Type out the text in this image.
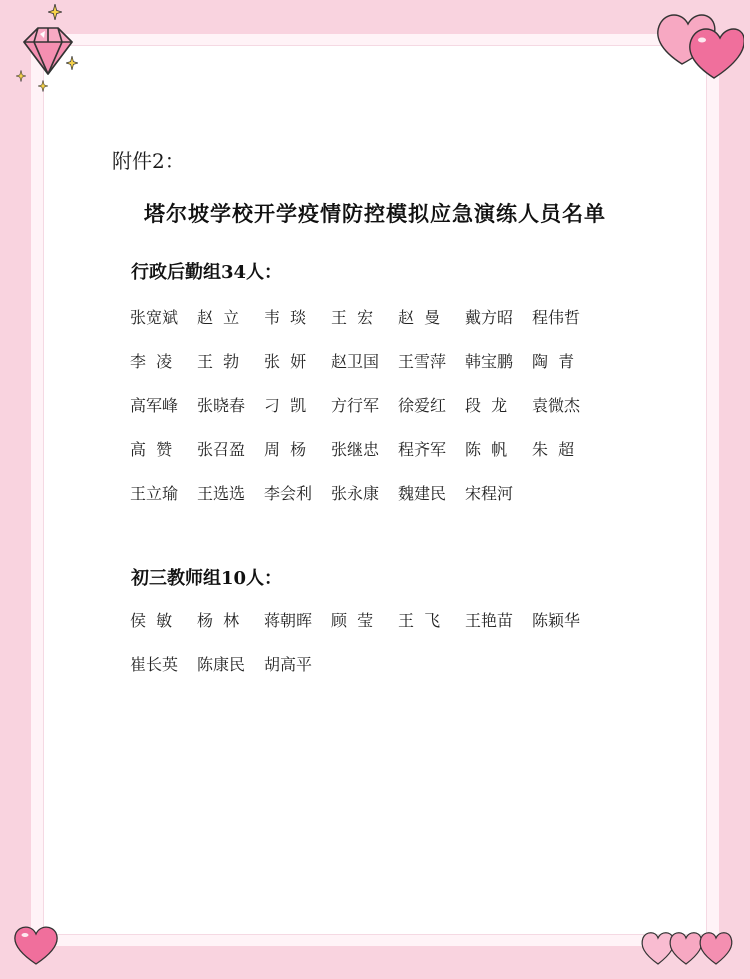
附件2：
塔尔坡学校开学疫情防控模拟应急演练人员名单
行政后勤组34人：
张宽斌	赵  立	韦  琰	王  宏	赵  曼	戴方昭	程伟哲
李  凌	王  勃	张  妍	赵卫国	王雪萍	韩宝鹏	陶  青
高军峰	张晓春	刁  凯	方行军	徐爱红	段  龙	袁微杰
高  赞	张召盈	周  杨	张继忠	程齐军	陈  帆	朱  超
王立瑜	王选选	李会利	张永康	魏建民	宋程河
初三教师组10人：
侯  敏	杨  林	蒋朝晖	顾  莹	王  飞	王艳苗	陈颖华
崔长英	陈康民	胡高平
